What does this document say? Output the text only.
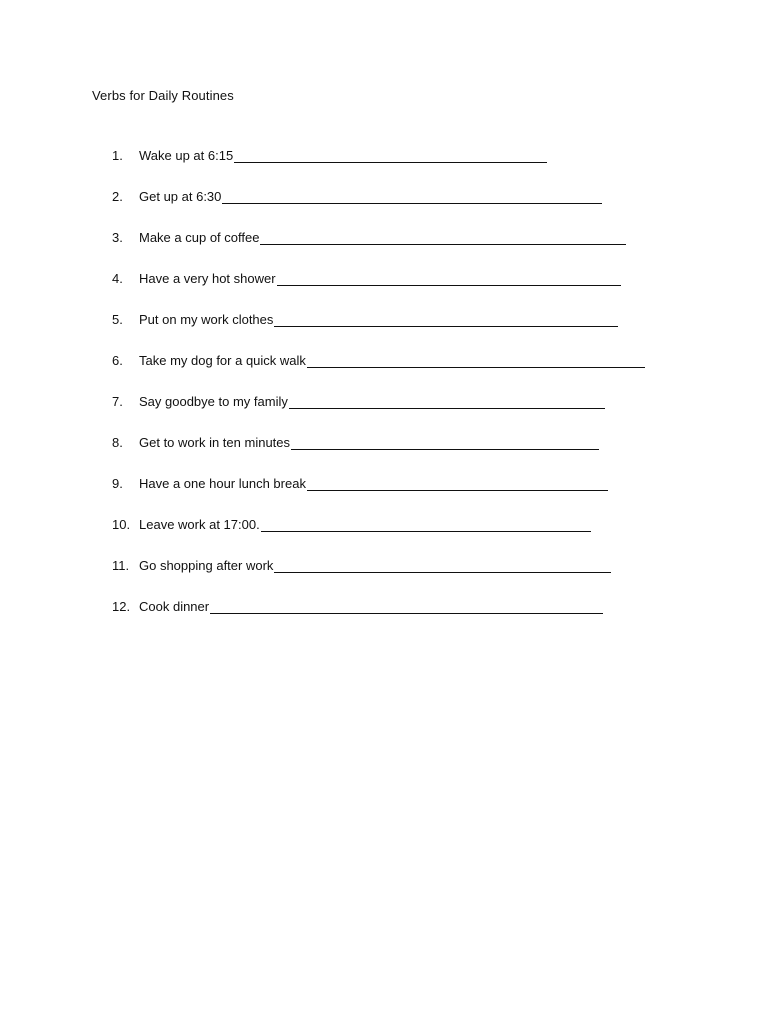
Verbs for Daily Routines
1.	Wake up at 6:15
2.	Get up at 6:30
3.	Make a cup of coffee
4.	Have a very hot shower
5.	Put on my work clothes
6.	Take my dog for a quick walk
7.	Say goodbye to my family
8.	Get to work in ten minutes
9.	Have a one hour lunch break
10. Leave work at 17:00.
11. Go shopping after work
12. Cook dinner
